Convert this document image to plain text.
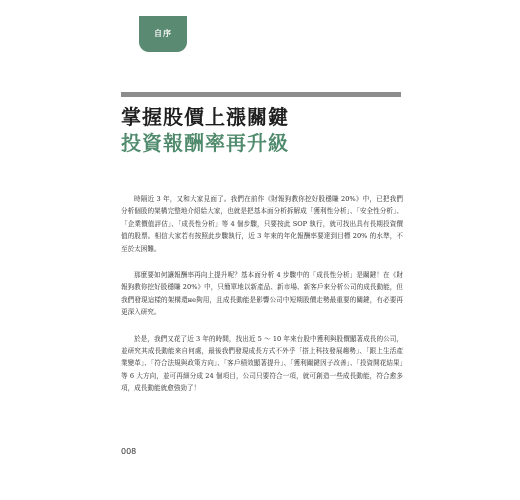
自序
掌握股價上漲關鍵
投資報酬率再升級

時隔近 3 年，又和大家見面了。我們在前作《財報狗教你挖好股穩賺 20%》中，已把我們分析個股的架構完整地介紹給大家，也就是把基本面分析拆解成「獲利性分析」、「安全性分析」、「企業價值評估」、「成長性分析」等 4 個步驟，只要按此 SOP 執行，就可找出具有長期投資價值的股票。相信大家若有按照此步驟執行，近 3 年來的年化報酬率要達到目標 20% 的水準，不至於太困難。

那麼要如何讓報酬率再向上提升呢？基本面分析 4 步驟中的「成長性分析」是關鍵！在《財報狗教你挖好股穩賺 20%》中，只簡單地以新產品、新市場、新客戶來分析公司的成長動能，但我們發現這樣的架構還не夠用，且成長動能是影響公司中短期股價走勢最重要的關鍵，有必要再更深入研究。

於是，我們又花了近 3 年的時間，找出近 5 ～ 10 年來台股中獲利與股價顯著成長的公司，並研究其成長動能來自何處，最後我們發現成長方式不外乎「搭上科技發展趨勢」、「跟上生活產業變革」、「符合法規與政策方向」、「客戶積效顯著提升」、「獲利關鍵因子改善」、「投資開花結果」等 6 大方向，並可再細分成 24 個項目，公司只要符合一項，就可創造一些成長動能，符合愈多項，成長動能就愈強勁了！

008
